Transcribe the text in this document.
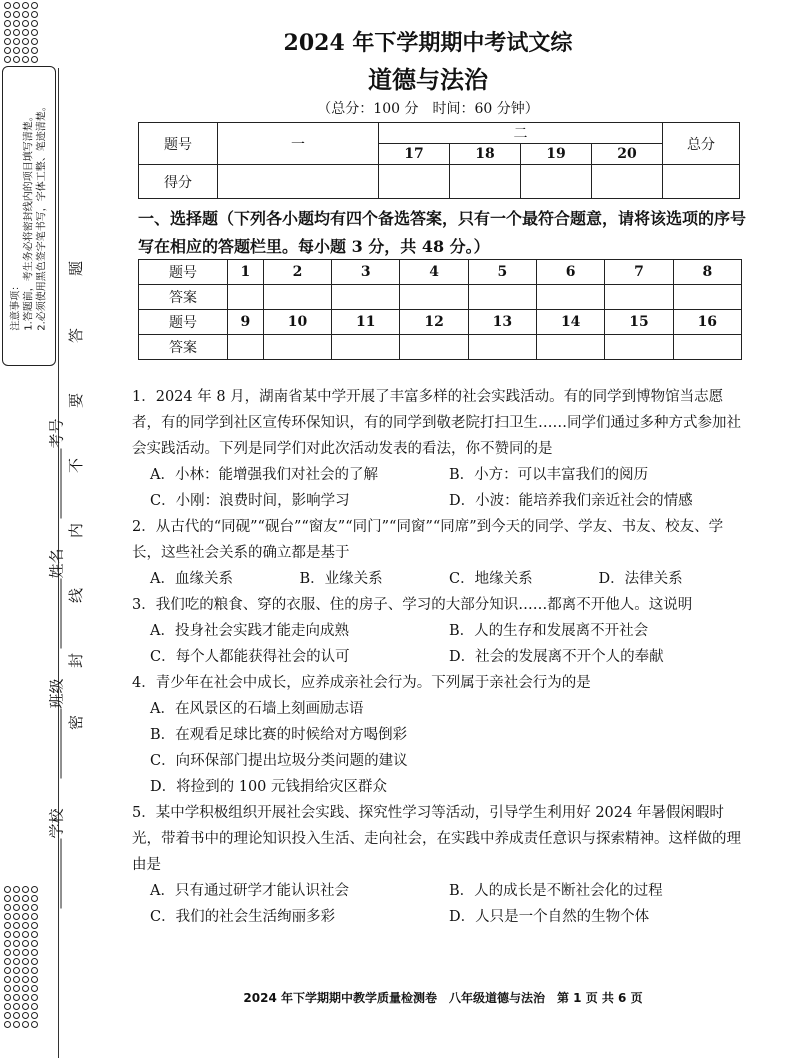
注意事项： 1.答题前，考生务必将密封线内的项目填写清楚。 2.必须使用黑色签字笔书写，字体工整、笔迹清楚。
考号
姓名
班级
学校
题
答
要
不
内
线
封
密
2024 年下学期期中考试文综
道德与法治
（总分：100 分　时间：60 分钟）
题号	一	二				总分
		17	18	19	20	
得分						
一、选择题（下列各小题均有四个备选答案，只有一个最符合题意，请将该选项的序号写在相应的答题栏里。每小题 3 分，共 48 分。）
题号	1	2	3	4	5	6	7	8
答案								
题号	9	10	11	12	13	14	15	16
答案								

1．2024 年 8 月，湖南省某中学开展了丰富多样的社会实践活动。有的同学到博物馆当志愿者，有的同学到社区宣传环保知识，有的同学到敬老院打扫卫生……同学们通过多种方式参加社会实践活动。下列是同学们对此次活动发表的看法，你不赞同的是

A．小林：能增强我们对社会的了解	B．小方：可以丰富我们的阅历
C．小刚：浪费时间，影响学习	D．小波：能培养我们亲近社会的情感

2．从古代的“同砚”“砚台”“窗友”“同门”“同窗”“同席”到今天的同学、学友、书友、校友、学长，这些社会关系的确立都是基于

A．血缘关系	B．业缘关系	C．地缘关系	D．法律关系

3．我们吃的粮食、穿的衣服、住的房子、学习的大部分知识……都离不开他人。这说明

A．投身社会实践才能走向成熟	B．人的生存和发展离不开社会
C．每个人都能获得社会的认可	D．社会的发展离不开个人的奉献

4．青少年在社会中成长，应养成亲社会行为。下列属于亲社会行为的是

A．在风景区的石墙上刻画励志语
B．在观看足球比赛的时候给对方喝倒彩
C．向环保部门提出垃圾分类问题的建议
D．将捡到的 100 元钱捐给灾区群众

5．某中学积极组织开展社会实践、探究性学习等活动，引导学生利用好 2024 年暑假闲暇时光，带着书中的理论知识投入生活、走向社会，在实践中养成责任意识与探索精神。这样做的理由是

A．只有通过研学才能认识社会	B．人的成长是不断社会化的过程
C．我们的社会生活绚丽多彩	D．人只是一个自然的生物个体
2024 年下学期期中教学质量检测卷　八年级道德与法治　第 1 页 共 6 页
